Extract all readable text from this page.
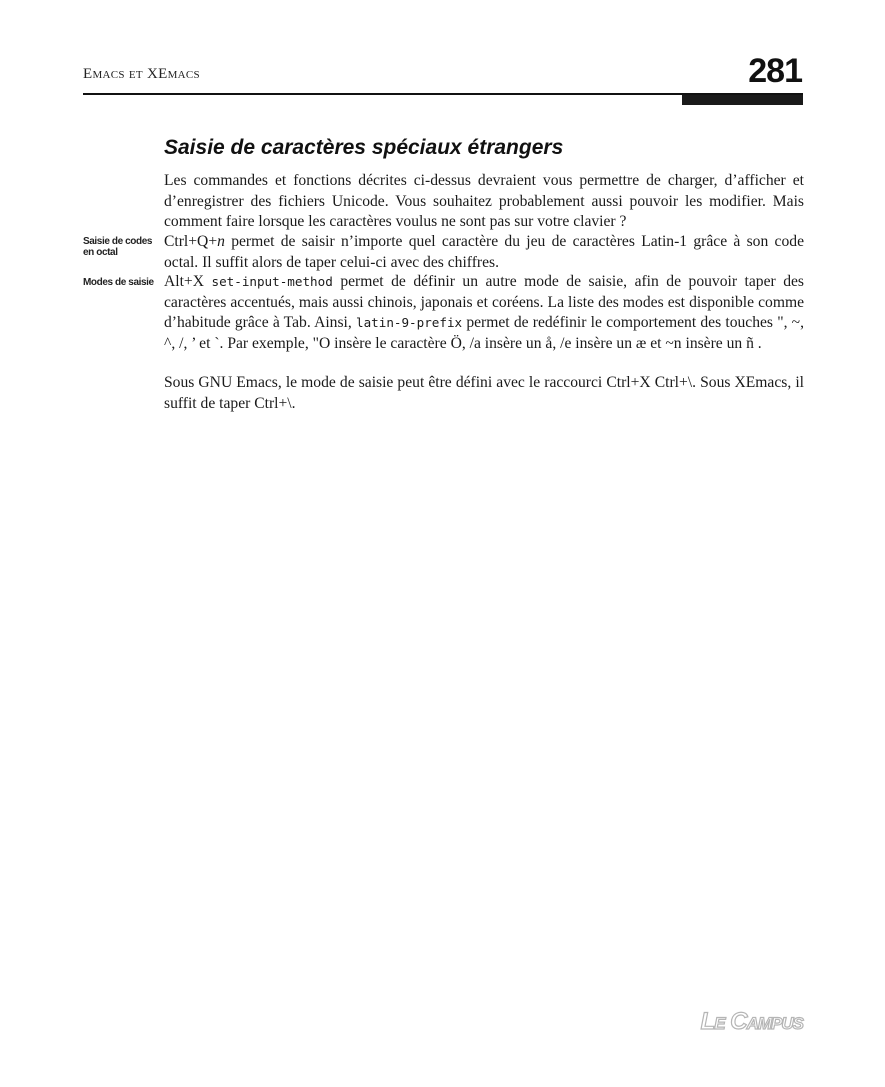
Emacs et XEmacs	281
Saisie de caractères spéciaux étrangers

Les commandes et fonctions décrites ci-dessus devraient vous permettre de charger, d’afficher et d’enregistrer des fichiers Unicode. Vous souhaitez probablement aussi pouvoir les modifier. Mais comment faire lorsque les caractères voulus ne sont pas sur votre clavier ?

Saisie de codes en octal

Ctrl+Q+n permet de saisir n’importe quel caractère du jeu de caractères Latin-1 grâce à son code octal. Il suffit alors de taper celui-ci avec des chiffres.

Modes de saisie Alt+X set-input-method permet de définir un autre mode de saisie, afin de pouvoir taper des caractères accentués, mais aussi chinois, japonais et coréens. La liste des modes est disponible comme d’habitude grâce à Tab. Ainsi, latin-9-prefix permet de redéfinir le comportement des touches ", ~, ^, /, ’ et `. Par exemple, "O insère le caractère Ö, /a insère un å, /e insère un æ et ~n insère un ñ .

Sous GNU Emacs, le mode de saisie peut être défini avec le raccourci Ctrl+X Ctrl+\. Sous XEmacs, il suffit de taper Ctrl+\.

Le Campus
